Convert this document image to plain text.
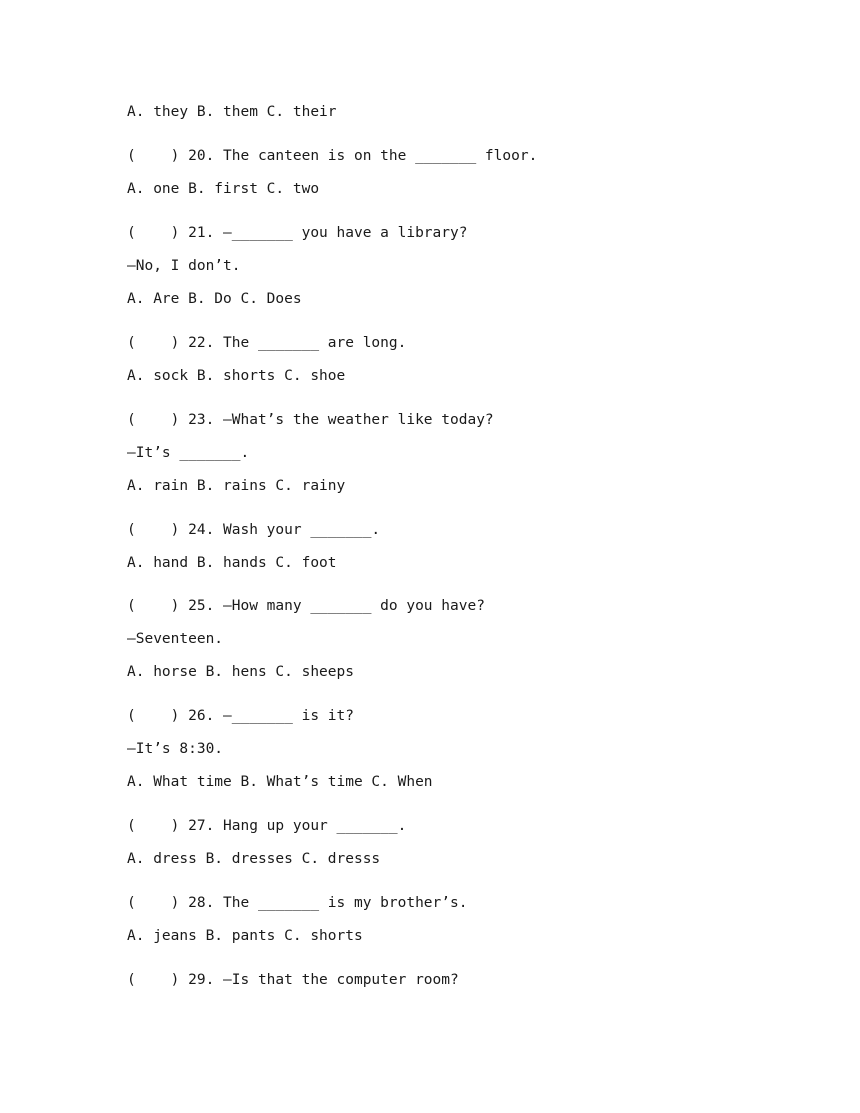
A. they B. them C. their
(    ) 20. The canteen is on the _______ floor.
A. one B. first C. two
(    ) 21. —_______ you have a library?
—No, I don’t.
A. Are B. Do C. Does
(    ) 22. The _______ are long.
A. sock B. shorts C. shoe
(    ) 23. —What’s the weather like today?
—It’s _______.
A. rain B. rains C. rainy
(    ) 24. Wash your _______.
A. hand B. hands C. foot
(    ) 25. —How many _______ do you have?
—Seventeen.
A. horse B. hens C. sheeps
(    ) 26. —_______ is it?
—It’s 8:30.
A. What time B. What’s time C. When
(    ) 27. Hang up your _______.
A. dress B. dresses C. dresss
(    ) 28. The _______ is my brother’s.
A. jeans B. pants C. shorts
(    ) 29. —Is that the computer room?
